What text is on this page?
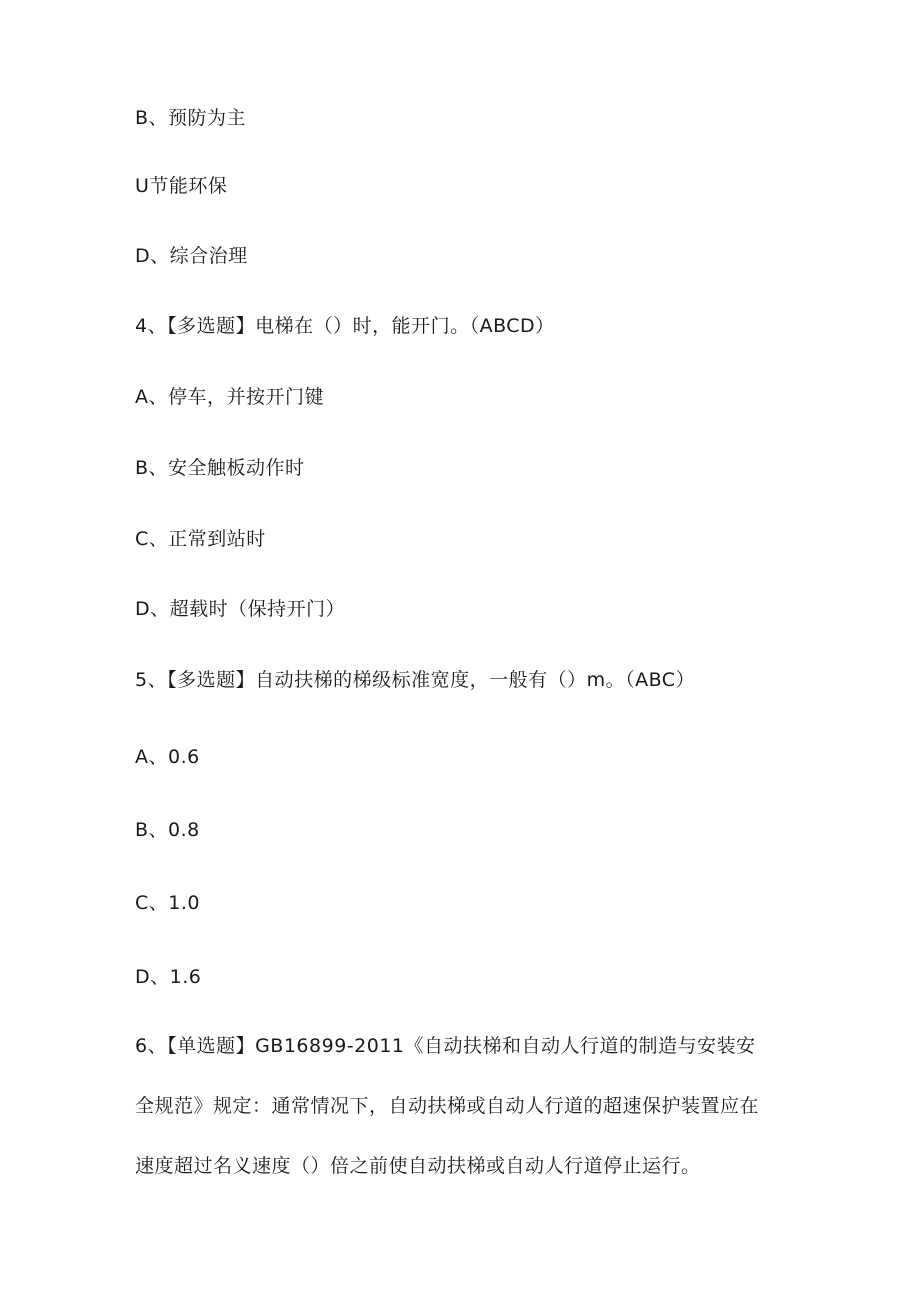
B、预防为主
U节能环保
D、综合治理
4、【多选题】电梯在（）时，能开门。（ABCD）
A、停车，并按开门键
B、安全触板动作时
C、正常到站时
D、超载时（保持开门）
5、【多选题】自动扶梯的梯级标准宽度，一般有（）m。（ABC）
A、0.6
B、0.8
C、1.0
D、1.6
6、【单选题】GB16899-2011《自动扶梯和自动人行道的制造与安装安
全规范》规定：通常情况下，自动扶梯或自动人行道的超速保护装置应在
速度超过名义速度（）倍之前使自动扶梯或自动人行道停止运行。
